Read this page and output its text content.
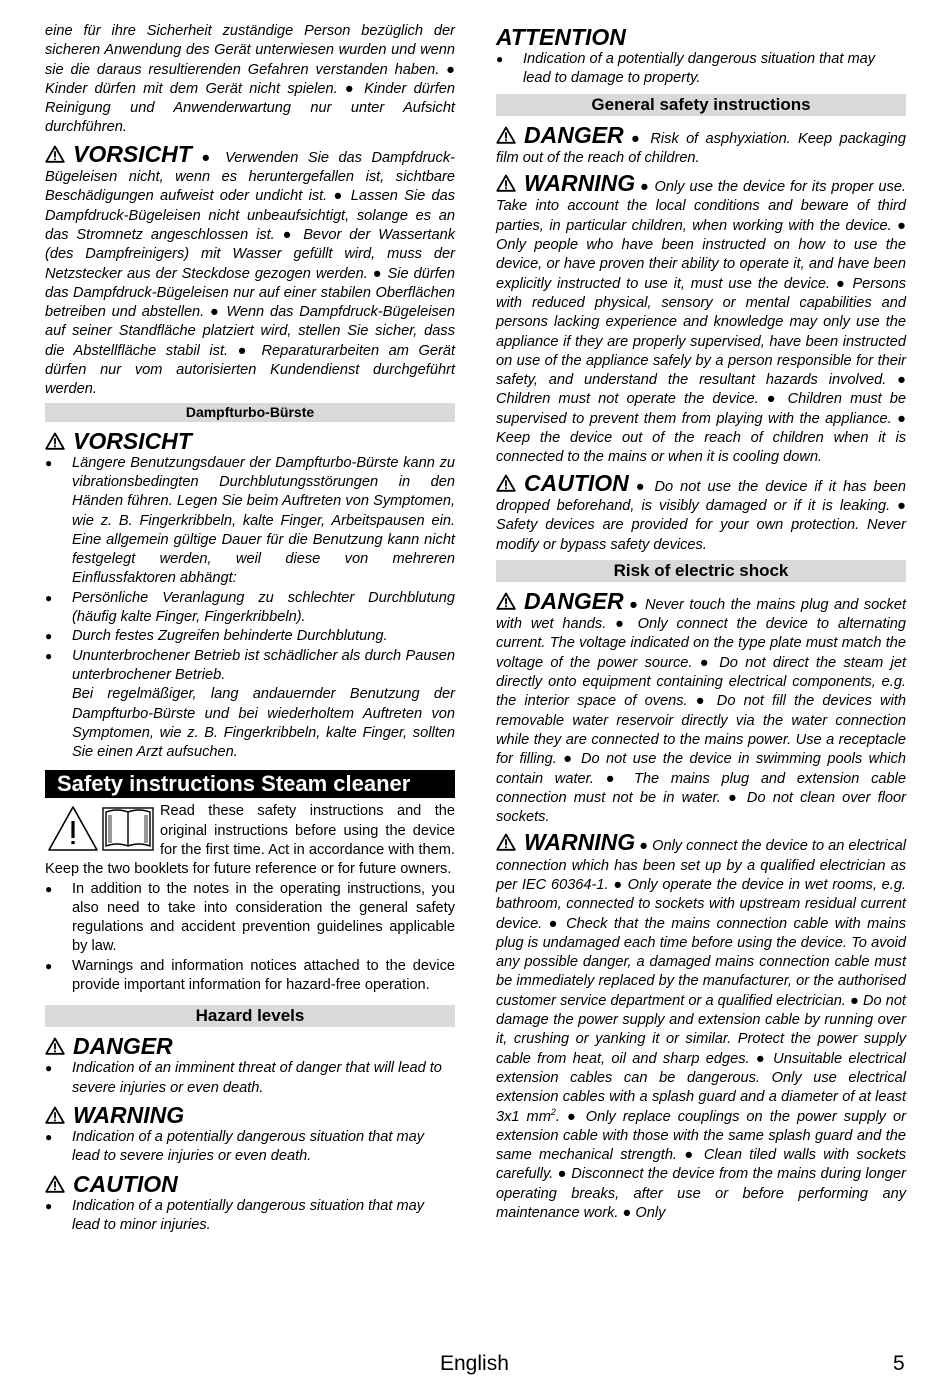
eine für ihre Sicherheit zuständige Person bezüglich der sicheren Anwendung des Gerät unterwiesen wurden und wenn sie die daraus resultierenden Gefahren verstanden haben. ● Kinder dürfen mit dem Gerät nicht spielen. ● Kinder dürfen Reinigung und Anwenderwartung nur unter Aufsicht durchführen.

VORSICHT ● Verwenden Sie das Dampfdruck-Bügeleisen nicht, wenn es heruntergefallen ist, sichtbare Beschädigungen aufweist oder undicht ist. ● Lassen Sie das Dampfdruck-Bügeleisen nicht unbeaufsichtigt, solange es an das Stromnetz angeschlossen ist. ● Bevor der Wassertank (des Dampfreinigers) mit Wasser gefüllt wird, muss der Netzstecker aus der Steckdose gezogen werden. ● Sie dürfen das Dampfdruck-Bügeleisen nur auf einer stabilen Oberflächen betreiben und abstellen. ● Wenn das Dampfdruck-Bügeleisen auf seiner Standfläche platziert wird, stellen Sie sicher, dass die Abstellfläche stabil ist. ● Reparaturarbeiten am Gerät dürfen nur vom autorisierten Kundendienst durchgeführt werden.

Dampfturbo-Bürste
VORSICHT
● Längere Benutzungsdauer der Dampfturbo-Bürste kann zu vibrationsbedingten Durchblutungsstörungen in den Händen führen. Legen Sie beim Auftreten von Symptomen, wie z. B. Fingerkribbeln, kalte Finger, Arbeitspausen ein. Eine allgemein gültige Dauer für die Benutzung kann nicht festgelegt werden, weil diese von mehreren Einflussfaktoren abhängt:
● Persönliche Veranlagung zu schlechter Durchblutung (häufig kalte Finger, Fingerkribbeln).
● Durch festes Zugreifen behinderte Durchblutung.
● Ununterbrochener Betrieb ist schädlicher als durch Pausen unterbrochener Betrieb.

Bei regelmäßiger, lang andauernder Benutzung der Dampfturbo-Bürste und bei wiederholtem Auftreten von Symptomen, wie z. B. Fingerkribbeln, kalte Finger, sollten Sie einen Arzt aufsuchen.

Safety instructions Steam cleaner
Read these safety instructions and the original instructions before using the device for the first time. Act in accordance with them. Keep the two booklets for future reference or for future owners.
● In addition to the notes in the operating instructions, you also need to take into consideration the general safety regulations and accident prevention guidelines applicable by law.
● Warnings and information notices attached to the device provide important information for hazard-free operation.
Hazard levels
DANGER
● Indication of an imminent threat of danger that will lead to severe injuries or even death.
WARNING
● Indication of a potentially dangerous situation that may lead to severe injuries or even death.
CAUTION
● Indication of a potentially dangerous situation that may lead to minor injuries.
ATTENTION
● Indication of a potentially dangerous situation that may lead to damage to property.
General safety instructions

DANGER ● Risk of asphyxiation. Keep packaging film out of the reach of children.

WARNING ● Only use the device for its proper use. Take into account the local conditions and beware of third parties, in particular children, when working with the device. ● Only people who have been instructed on how to use the device, or have proven their ability to operate it, and have been explicitly instructed to use it, must use the device. ● Persons with reduced physical, sensory or mental capabilities and persons lacking experience and knowledge may only use the appliance if they are properly supervised, have been instructed on use of the appliance safely by a person responsible for their safety, and understand the resultant hazards involved. ● Children must not operate the device. ● Children must be supervised to prevent them from playing with the appliance. ● Keep the device out of the reach of children when it is connected to the mains or when it is cooling down.

CAUTION ● Do not use the device if it has been dropped beforehand, is visibly damaged or if it is leaking. ● Safety devices are provided for your own protection. Never modify or bypass safety devices.

Risk of electric shock

DANGER ● Never touch the mains plug and socket with wet hands. ● Only connect the device to alternating current. The voltage indicated on the type plate must match the voltage of the power source. ● Do not direct the steam jet directly onto equipment containing electrical components, e.g. the interior space of ovens. ● Do not fill the devices with removable water reservoir directly via the water connection while they are connected to the mains power. Use a receptacle for filling. ● Do not use the device in swimming pools which contain water. ● The mains plug and extension cable connection must not be in water. ● Do not clean over floor sockets.

WARNING ● Only connect the device to an electrical connection which has been set up by a qualified electrician as per IEC 60364-1. ● Only operate the device in wet rooms, e.g. bathroom, connected to sockets with upstream residual current device. ● Check that the mains connection cable with mains plug is undamaged each time before using the device. To avoid any possible danger, a damaged mains connection cable must be immediately replaced by the manufacturer, or the authorised customer service department or a qualified electrician. ● Do not damage the power supply and extension cable by running over it, crushing or yanking it or similar. Protect the power supply cable from heat, oil and sharp edges. ● Unsuitable electrical extension cables can be dangerous. Only use electrical extension cables with a splash guard and a diameter of at least 3x1 $mm^2$. ● Only replace couplings on the power supply or extension cable with those with the same splash guard and the same mechanical strength. ● Clean tiled walls with sockets carefully. ● Disconnect the device from the mains during longer operating breaks, after use or before performing any maintenance work. ● Only

English	5
